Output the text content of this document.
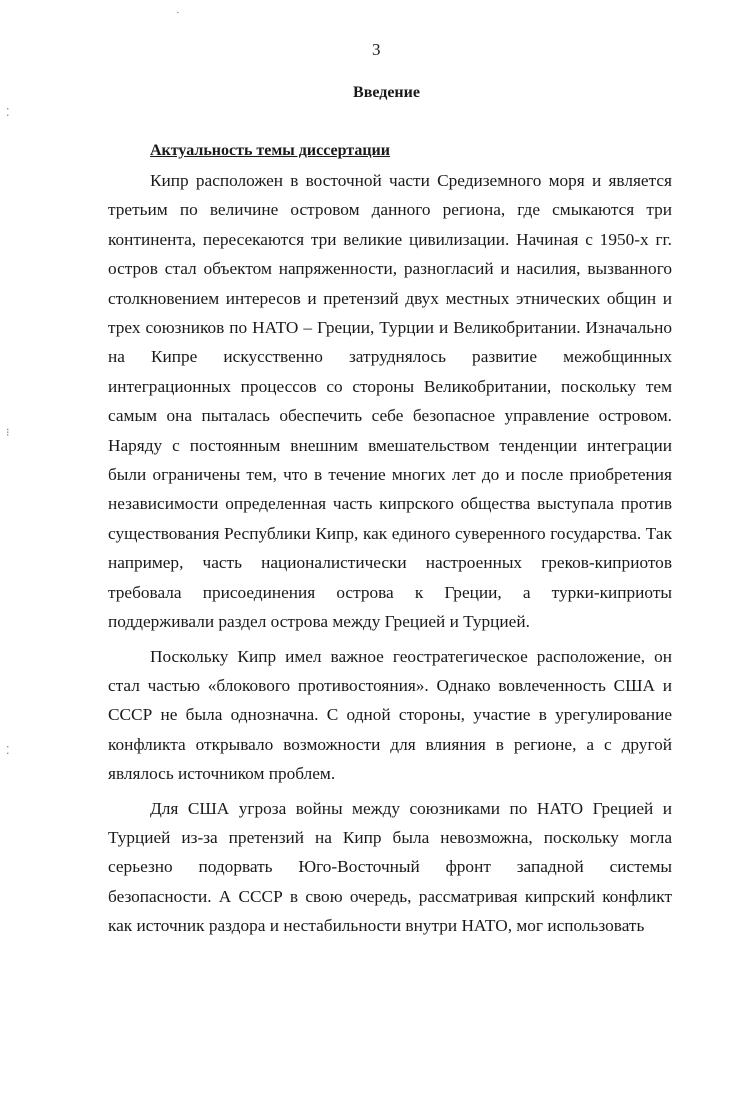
·
⁚
⁝
⁚
3
Введение
Актуальность темы диссертации

Кипр расположен в восточной части Средиземного моря и является третьим по величине островом данного региона, где смыкаются три континента, пересекаются три великие цивилизации. Начиная с 1950-х гг. остров стал объектом напряженности, разногласий и насилия, вызванного столкновением интересов и претензий двух местных этнических общин и трех союзников по НАТО – Греции, Турции и Великобритании. Изначально на Кипре искусственно затруднялось развитие межобщинных интеграционных процессов со стороны Великобритании, поскольку тем самым она пыталась обеспечить себе безопасное управление островом. Наряду с постоянным внешним вмешательством тенденции интеграции были ограничены тем, что в течение многих лет до и после приобретения независимости определенная часть кипрского общества выступала против существования Республики Кипр, как единого суверенного государства. Так например, часть националистически настроенных греков-киприотов требовала присоединения острова к Греции, а турки-киприоты поддерживали раздел острова между Грецией и Турцией.

Поскольку Кипр имел важное геостратегическое расположение, он стал частью «блокового противостояния». Однако вовлеченность США и СССР не была однозначна. С одной стороны, участие в урегулирование конфликта открывало возможности для влияния в регионе, а с другой являлось источником проблем.

Для США угроза войны между союзниками по НАТО Грецией и Турцией из-за претензий на Кипр была невозможна, поскольку могла серьезно подорвать Юго-Восточный фронт западной системы безопасности. А СССР в свою очередь, рассматривая кипрский конфликт как источник раздора и нестабильности внутри НАТО, мог использовать
